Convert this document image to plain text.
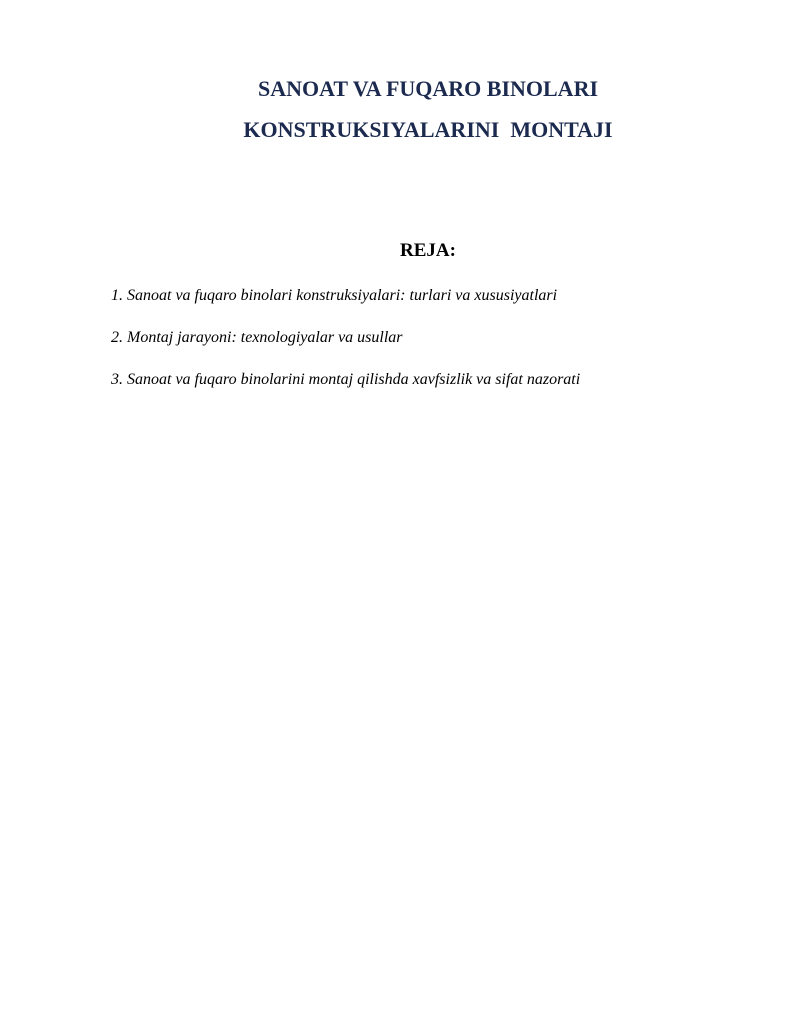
SANOAT VA FUQARO BINOLARI
KONSTRUKSIYALARINI  MONTAJI
REJA:
1. Sanoat va fuqaro binolari konstruksiyalari: turlari va xususiyatlari
2. Montaj jarayoni: texnologiyalar va usullar
3. Sanoat va fuqaro binolarini montaj qilishda xavfsizlik va sifat nazorati
